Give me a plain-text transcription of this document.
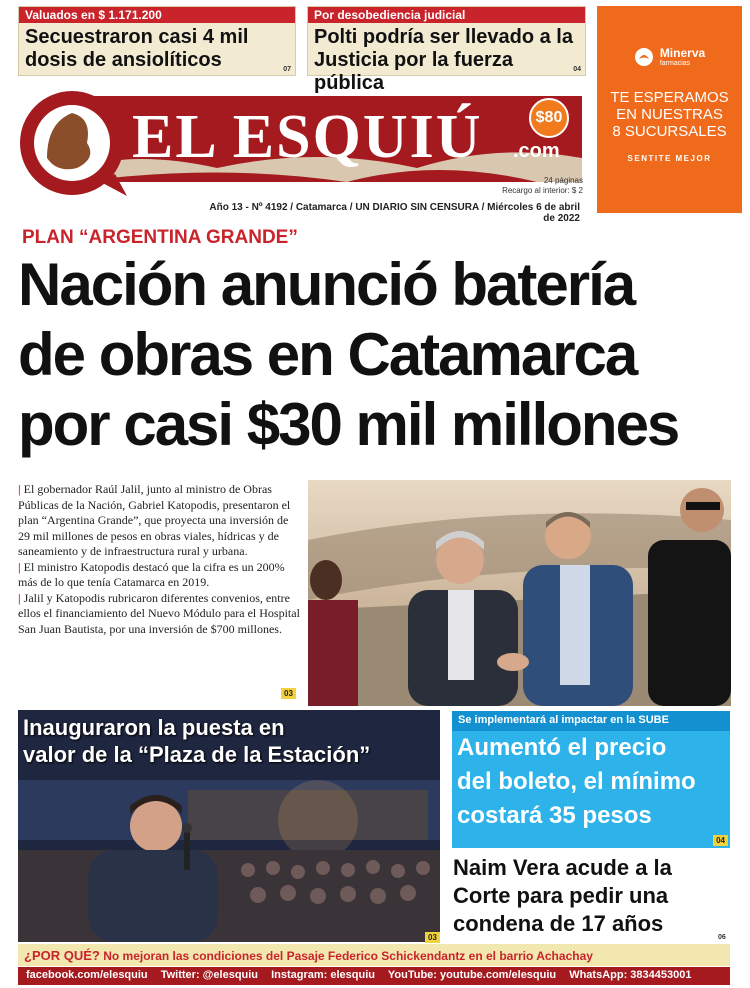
Valuados en $ 1.171.200
Secuestraron casi 4 mil
dosis de ansiolíticos	07
Por desobediencia judicial
Polti podría ser llevado a la
Justicia por la fuerza pública
04
Minerva
farmacias
TE ESPERAMOS
EN NUESTRAS
8 SUCURSALES
SENTITE MEJOR
EL ESQUIÚ .com
$80
24 páginas
Recargo al interior: $ 2
Año 13 - Nº 4192 / Catamarca / UN DIARIO SIN CENSURA / Miércoles 6 de abril de 2022
PLAN “ARGENTINA GRANDE”
Nación anunció batería
de obras en Catamarca
por casi $30 mil millones

| El gobernador Raúl Jalil, junto al ministro de Obras Públicas de la Nación, Gabriel Katopodis, presentaron el plan “Argentina Grande”, que proyecta una inversión de 29 mil millones de pesos en obras viales, hídricas y de saneamiento y de infraestructura rural y urbana.

| El ministro Katopodis destacó que la cifra es un 200% más de lo que tenía Catamarca en 2019.

| Jalil y Katopodis rubricaron diferentes convenios, entre ellos el financiamiento del Nuevo Módulo para el Hospital San Juan Bautista, por una inversión de $700 millones.

03
Inauguraron la puesta en
valor de la “Plaza de la Estación”
03
Se implementará al impactar en la SUBE
Aumentó el precio
del boleto, el mínimo
costará 35 pesos
04
Naim Vera acude a la
Corte para pedir una
condena de 17 años
06
¿POR QUÉ? No mejoran las condiciones del Pasaje Federico Schickendantz en el barrio Achachay
facebook.com/elesquiu Twitter: @elesquiu Instagram: elesquiu YouTube: youtube.com/elesquiu WhatsApp: 3834453001
